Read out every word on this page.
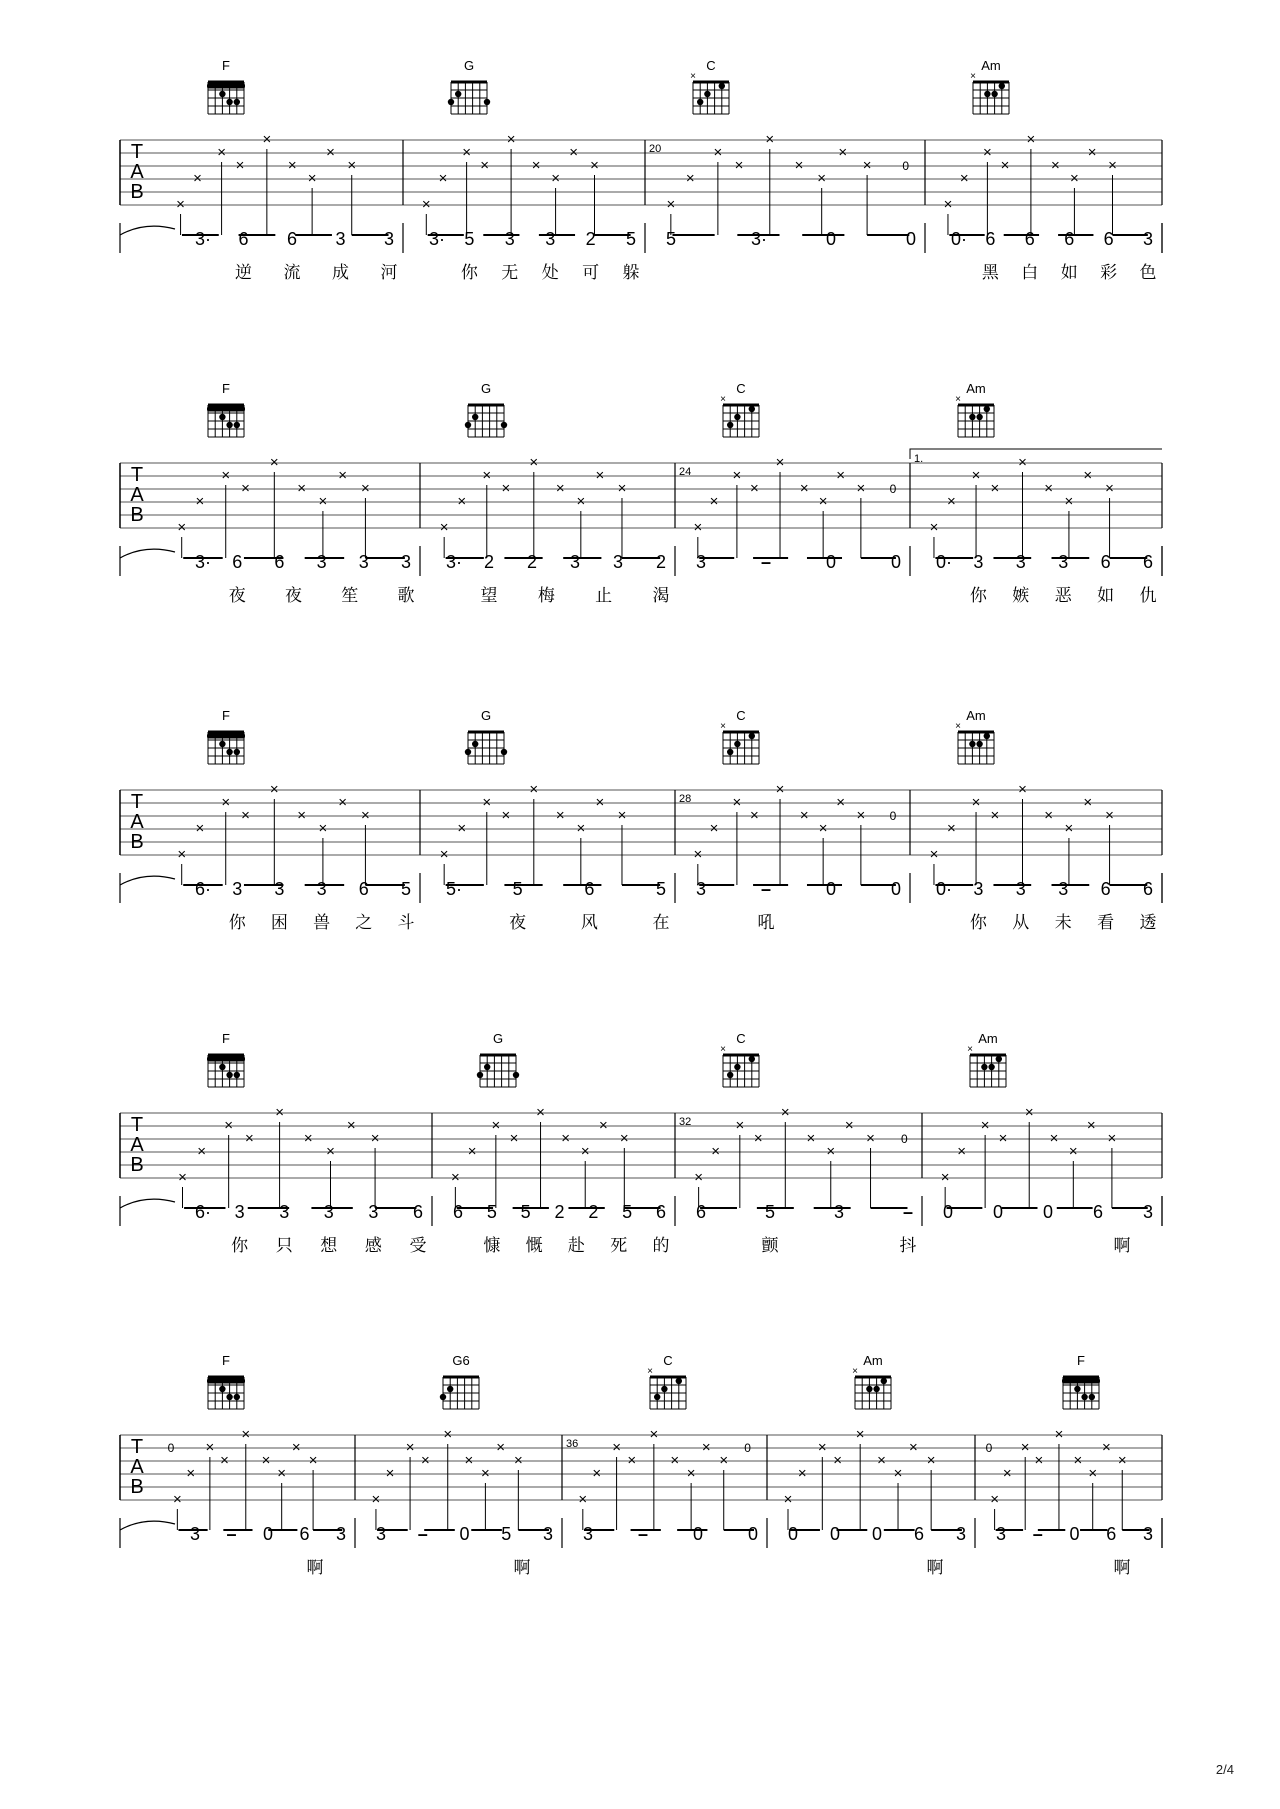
F	G	C
×
Am
×
T
A
B
20
×
×
×
×
×
×
×
×
×
×
×
×
×
×
×
×
×
×
×
×
×
×
×
×
×
×
×	0
×
×
×
×
×
×
×
×
×
3· 6 6 3 3 3· 5 3 3 2 5 5	3·	0	0 0· 6 6 6 6 3
逆 流 成 河	你 无 处 可 躲	黑 白 如 彩 色
F	G	C
×
Am
×
T
A
B
24
1.
×
×
×
×
×
×
×
×
×
×
×
×
×
×
×
×
×
×
×
×
×
×
×
×
×
×
× 0
×
×
×
×
×
×
×
×
×
3· 6 6 3 3 3 3· 2 2 3 3 2 3	–	0	0 0· 3 3 3 6 6
夜 夜 笙 歌	望 梅 止 渴	你 嫉 恶 如 仇
F	G	C
×
Am
×
T
A
B
28
×
×
×
×
×
×
×
×
×
×
×
×
×
×
×
×
×
×
×
×
×
×
×
×
×
×
× 0
×
×
×
×
×
×
×
×
×
6· 3 3 3 6 5 5·	5	6	5 3	–	0	0 0· 3 3 3 6 6
你 困 兽 之 斗	夜	风	在	吼	你 从 未 看 透
F	G	C
×
Am
×
T
A
B
32
×
×
×
×
×
×
×
×
×
×
×
×
×
×
×
×
×
×
×
×
×
×
×
×
×
×
× 0
×
×
×
×
×
×
×
×
×
6· 3 3 3 3 6 6 5 5 2 2 5 6 6	5	3	– 0 0 0 6 3
你 只 想 感 受	慷 慨 赴 死 的	颤	抖	啊
F	G6	C
×
Am
×
F
T
A
B
36
×
×
×
×
×
×
×
×
×
0
×
×
×
×
×
×
×
×
×
×
×
×
×
×
×
×
×
×
0
×
×
×
×
×
×
×
×
×
×
×
×
×
×
×
×
×
×
0
3 – 0 6 3 3 – 0 5 3 3 – 0 0 0 0 0 6 3 3 – 0 6 3
啊	啊	啊	啊
2/4
